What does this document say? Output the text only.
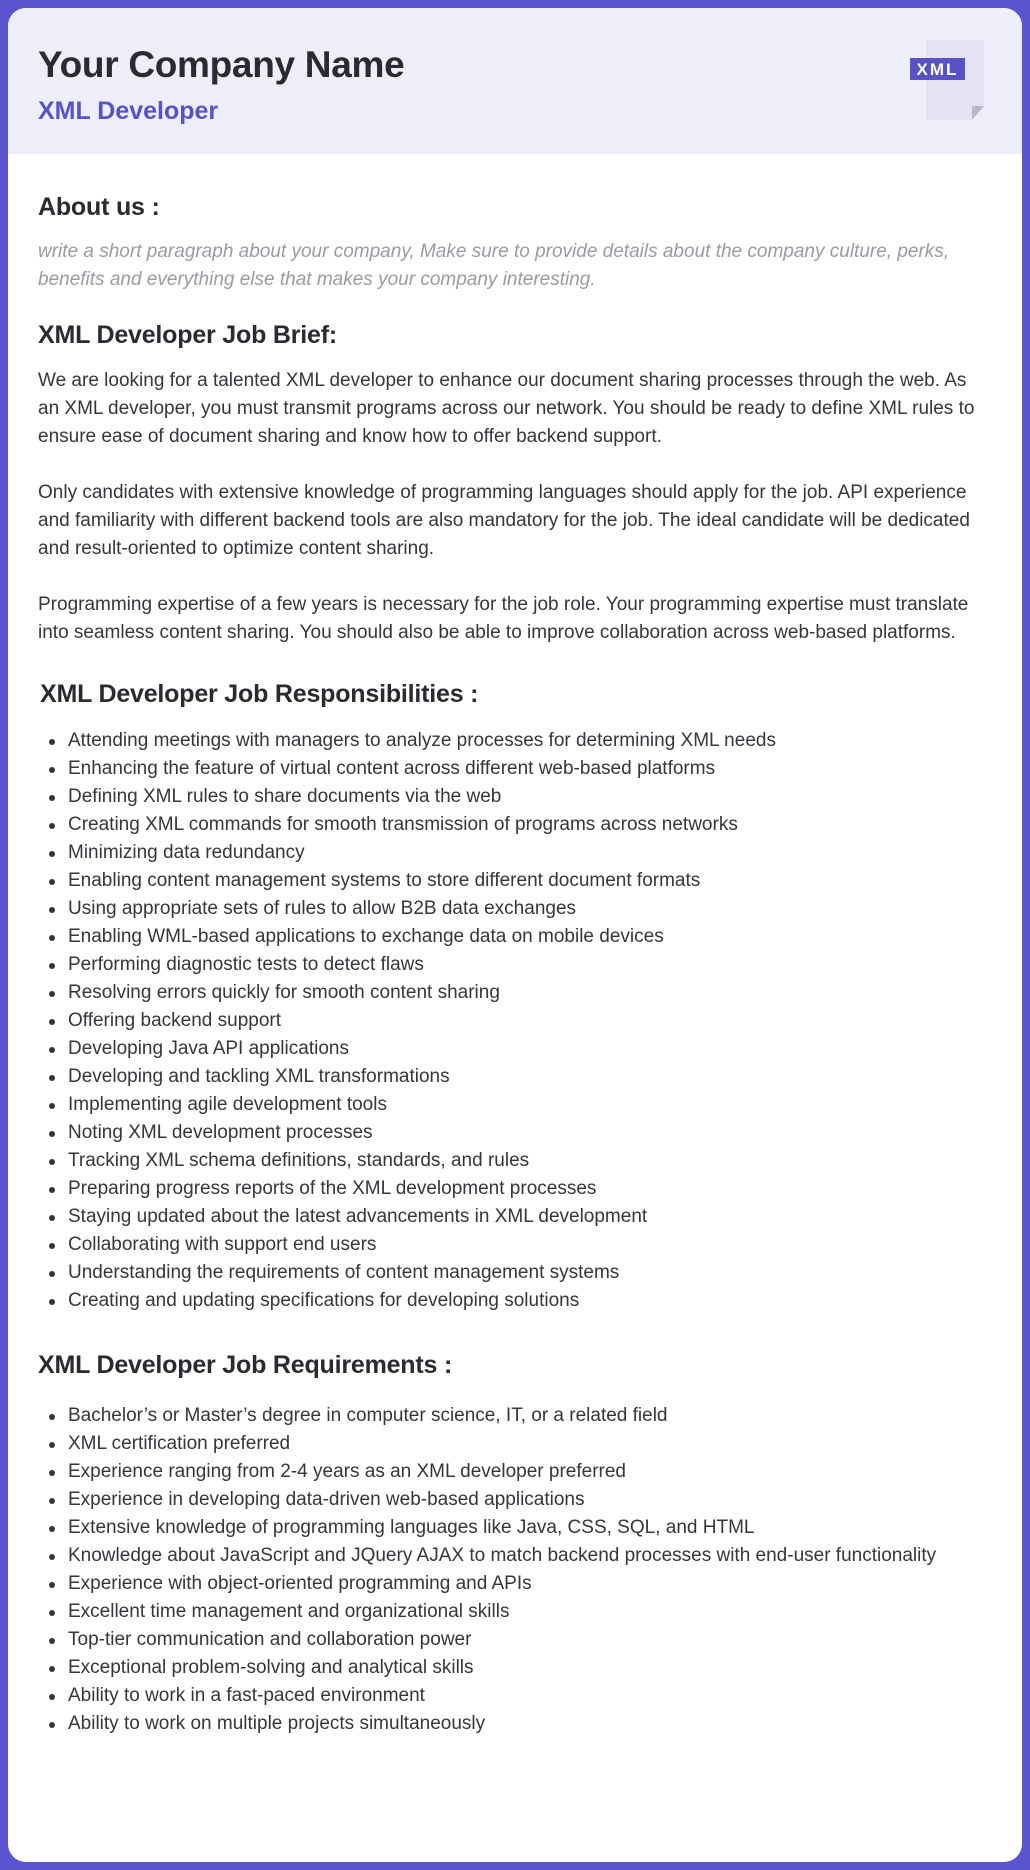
Your Company Name
XML Developer
XML
About us :

write a short paragraph about your company, Make sure to provide details about the company culture, perks, benefits and everything else that makes your company interesting.

XML Developer Job Brief:

We are looking for a talented XML developer to enhance our document sharing processes through the web. As an XML developer, you must transmit programs across our network. You should be ready to define XML rules to ensure ease of document sharing and know how to offer backend support.

Only candidates with extensive knowledge of programming languages should apply for the job. API experience and familiarity with different backend tools are also mandatory for the job. The ideal candidate will be dedicated and result-oriented to optimize content sharing.

Programming expertise of a few years is necessary for the job role. Your programming expertise must translate into seamless content sharing. You should also be able to improve collaboration across web-based platforms.

XML Developer Job Responsibilities :
Attending meetings with managers to analyze processes for determining XML needs
Enhancing the feature of virtual content across different web-based platforms
Defining XML rules to share documents via the web
Creating XML commands for smooth transmission of programs across networks
Minimizing data redundancy
Enabling content management systems to store different document formats
Using appropriate sets of rules to allow B2B data exchanges
Enabling WML-based applications to exchange data on mobile devices
Performing diagnostic tests to detect flaws
Resolving errors quickly for smooth content sharing
Offering backend support
Developing Java API applications
Developing and tackling XML transformations
Implementing agile development tools
Noting XML development processes
Tracking XML schema definitions, standards, and rules
Preparing progress reports of the XML development processes
Staying updated about the latest advancements in XML development
Collaborating with support end users
Understanding the requirements of content management systems
Creating and updating specifications for developing solutions
XML Developer Job Requirements :
Bachelor’s or Master’s degree in computer science, IT, or a related field
XML certification preferred
Experience ranging from 2-4 years as an XML developer preferred
Experience in developing data-driven web-based applications
Extensive knowledge of programming languages like Java, CSS, SQL, and HTML
Knowledge about JavaScript and JQuery AJAX to match backend processes with end-user functionality
Experience with object-oriented programming and APIs
Excellent time management and organizational skills
Top-tier communication and collaboration power
Exceptional problem-solving and analytical skills
Ability to work in a fast-paced environment
Ability to work on multiple projects simultaneously
